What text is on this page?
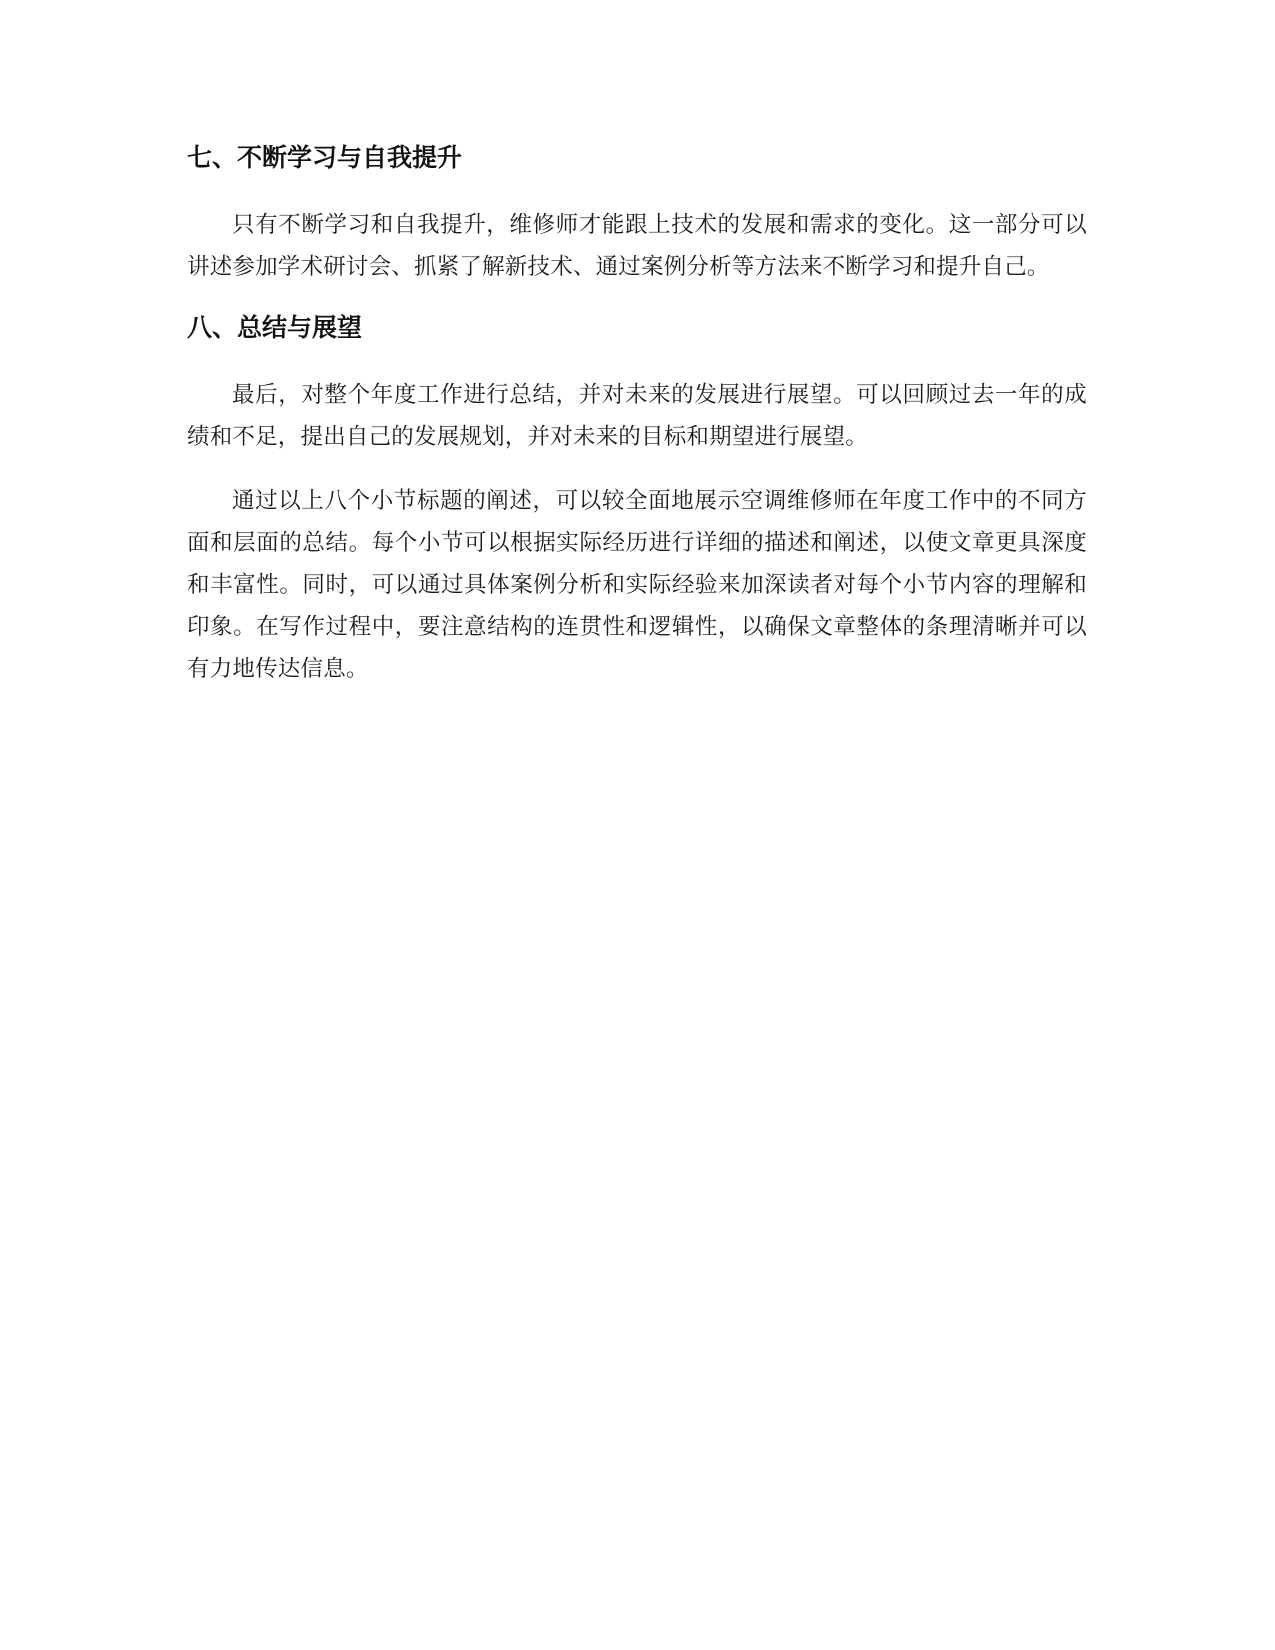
七、不断学习与自我提升

只有不断学习和自我提升，维修师才能跟上技术的发展和需求的变化。这一部分可以讲述参加学术研讨会、抓紧了解新技术、通过案例分析等方法来不断学习和提升自己。

八、总结与展望

最后，对整个年度工作进行总结，并对未来的发展进行展望。可以回顾过去一年的成绩和不足，提出自己的发展规划，并对未来的目标和期望进行展望。

通过以上八个小节标题的阐述，可以较全面地展示空调维修师在年度工作中的不同方面和层面的总结。每个小节可以根据实际经历进行详细的描述和阐述，以使文章更具深度和丰富性。同时，可以通过具体案例分析和实际经验来加深读者对每个小节内容的理解和印象。在写作过程中，要注意结构的连贯性和逻辑性，以确保文章整体的条理清晰并可以有力地传达信息。
